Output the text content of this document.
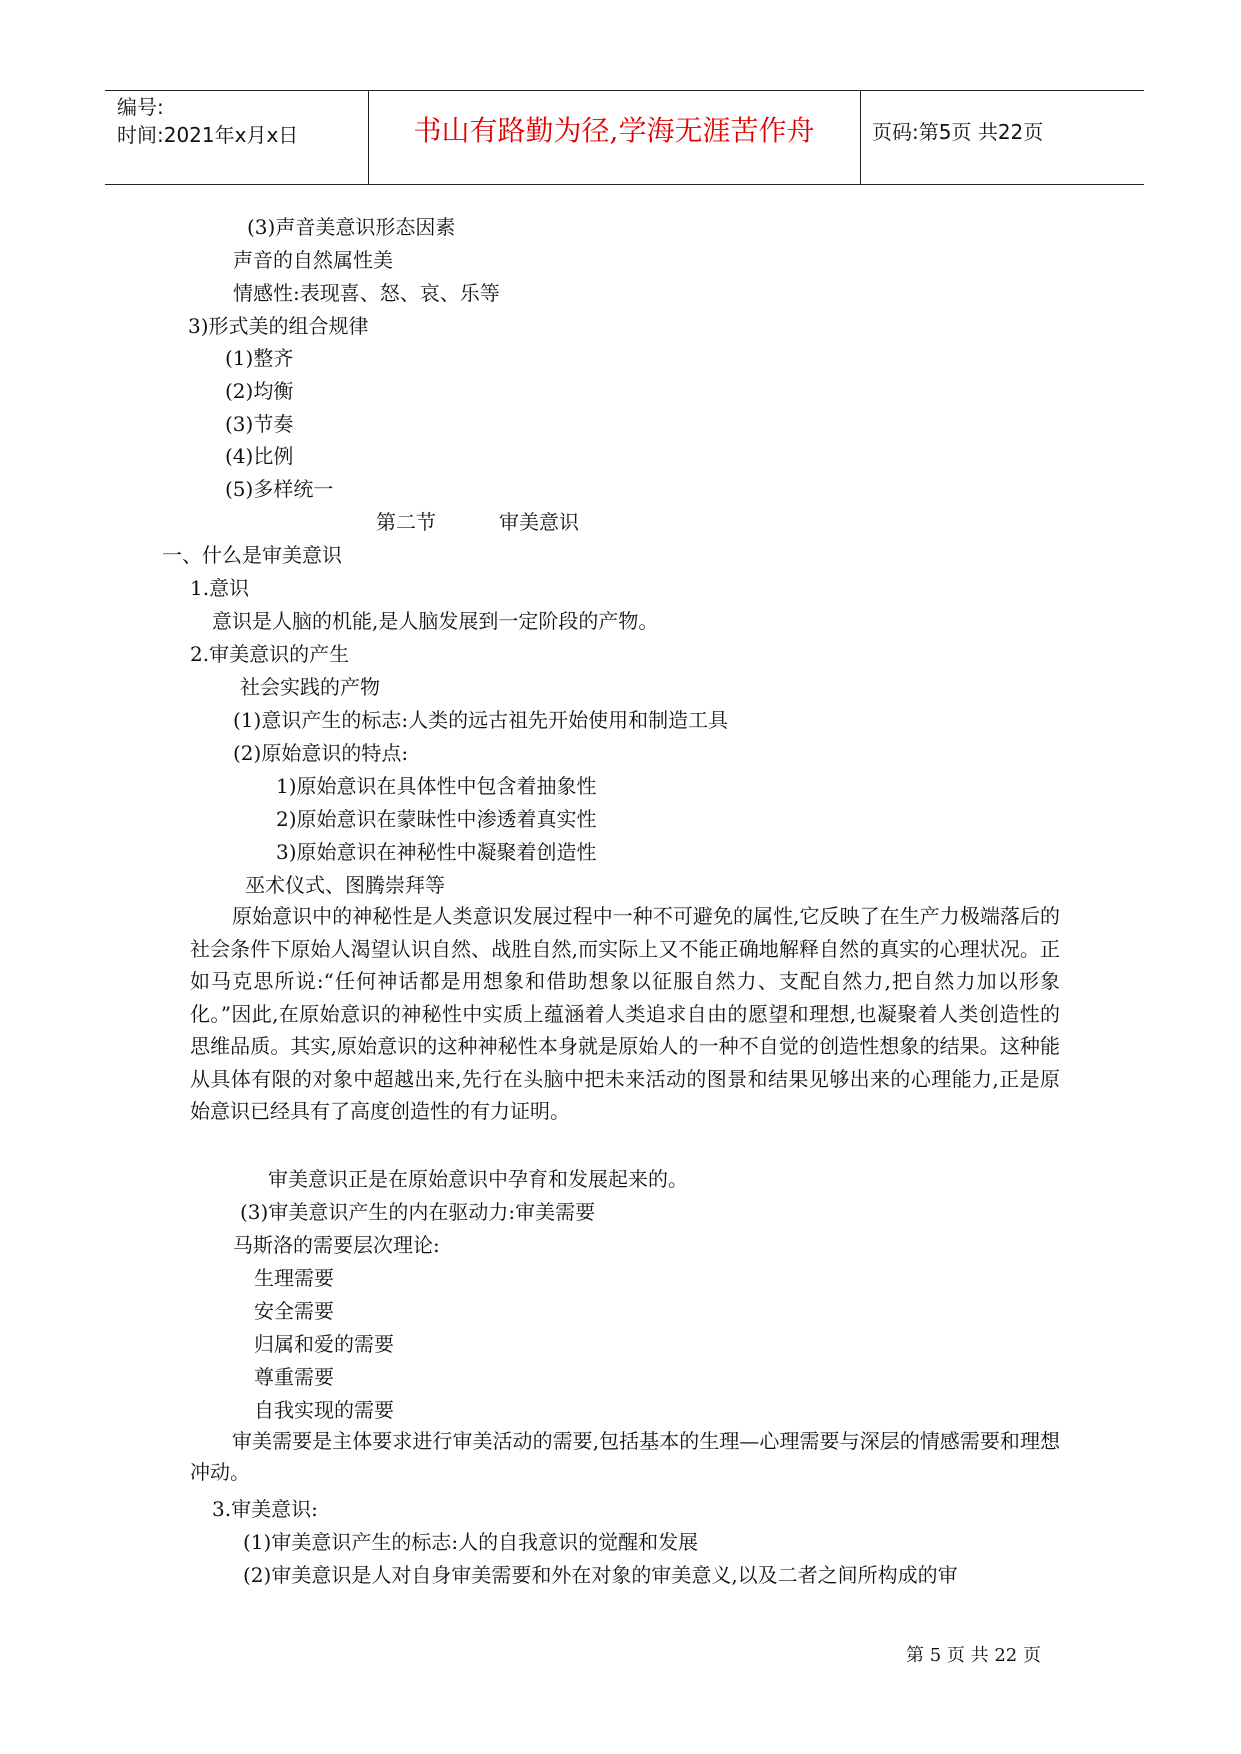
编号:
时间:2021年x月x日	书山有路勤为径,学海无涯苦作舟	页码:第5页 共22页
(3)声音美意识形态因素
声音的自然属性美
情感性:表现喜、怒、哀、乐等
3)形式美的组合规律
(1)整齐
(2)均衡
(3)节奏
(4)比例
(5)多样统一
第二节	审美意识
一、什么是审美意识
1.意识
意识是人脑的机能,是人脑发展到一定阶段的产物。
2.审美意识的产生
社会实践的产物
(1)意识产生的标志:人类的远古祖先开始使用和制造工具
(2)原始意识的特点:
1)原始意识在具体性中包含着抽象性
2)原始意识在蒙昧性中渗透着真实性
3)原始意识在神秘性中凝聚着创造性
巫术仪式、图腾崇拜等
原始意识中的神秘性是人类意识发展过程中一种不可避免的属性,它反映了在生产力极端落后的社会条件下原始人渴望认识自然、战胜自然,而实际上又不能正确地解释自然的真实的心理状况。正如马克思所说:“任何神话都是用想象和借助想象以征服自然力、支配自然力,把自然力加以形象化。”因此,在原始意识的神秘性中实质上蕴涵着人类追求自由的愿望和理想,也凝聚着人类创造性的思维品质。其实,原始意识的这种神秘性本身就是原始人的一种不自觉的创造性想象的结果。这种能从具体有限的对象中超越出来,先行在头脑中把未来活动的图景和结果见够出来的心理能力,正是原始意识已经具有了高度创造性的有力证明。
审美意识正是在原始意识中孕育和发展起来的。
(3)审美意识产生的内在驱动力:审美需要
马斯洛的需要层次理论:
生理需要
安全需要
归属和爱的需要
尊重需要
自我实现的需要
审美需要是主体要求进行审美活动的需要,包括基本的生理—心理需要与深层的情感需要和理想冲动。
3.审美意识:
(1)审美意识产生的标志:人的自我意识的觉醒和发展
(2)审美意识是人对自身审美需要和外在对象的审美意义,以及二者之间所构成的审
第 5 页 共 22 页
